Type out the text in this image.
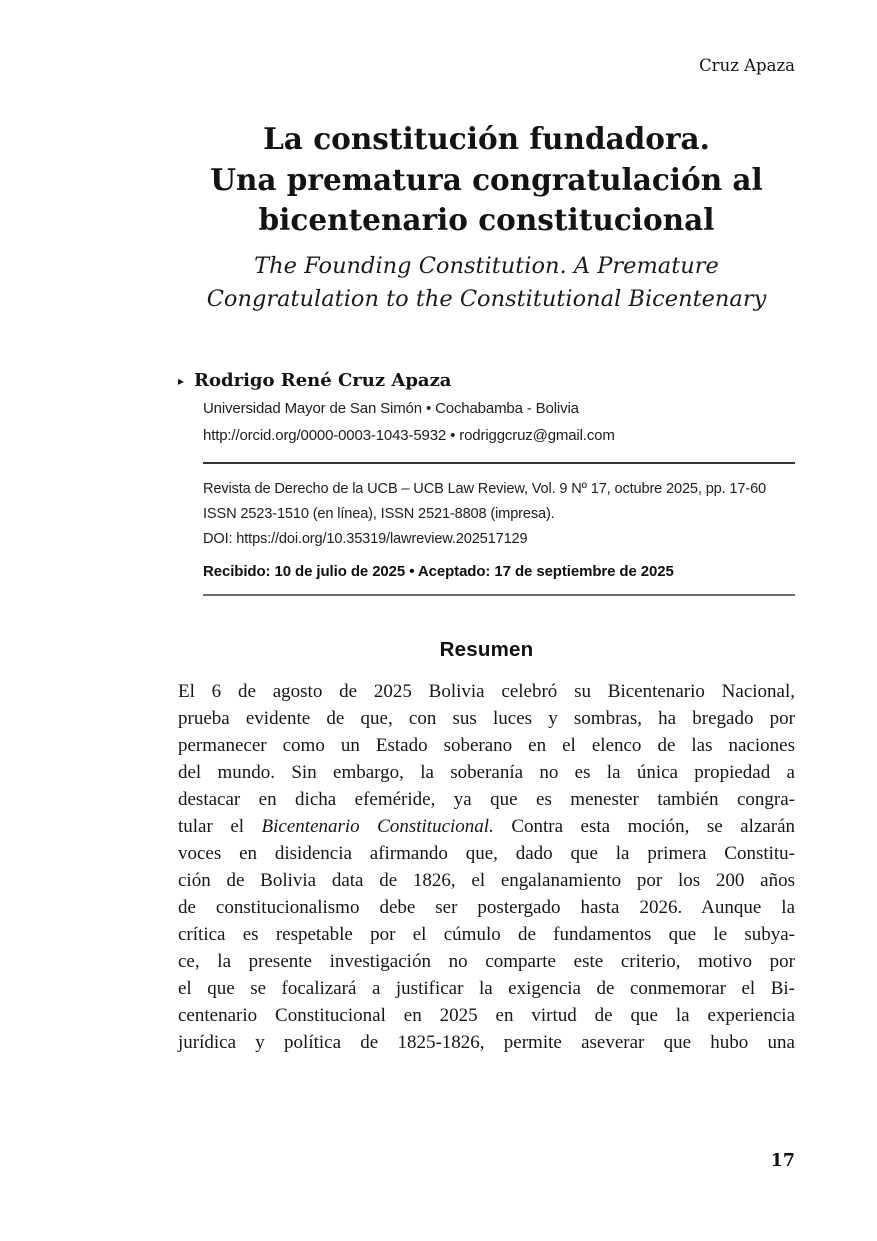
Cruz Apaza
La constitución fundadora.
Una prematura congratulación al
bicentenario constitucional
The Founding Constitution. A Premature
Congratulation to the Constitutional Bicentenary
▸ Rodrigo René Cruz Apaza
Universidad Mayor de San Simón • Cochabamba - Bolivia
http://orcid.org/0000-0003-1043-5932 • rodriggcruz@gmail.com
Revista de Derecho de la UCB – UCB Law Review, Vol. 9 Nº 17, octubre 2025, pp. 17-60
ISSN 2523-1510 (en línea), ISSN 2521-8808 (impresa).
DOI: https://doi.org/10.35319/lawreview.202517129
Recibido: 10 de julio de 2025 • Aceptado: 17 de septiembre de 2025
Resumen
El 6 de agosto de 2025 Bolivia celebró su Bicentenario Nacional,
prueba evidente de que, con sus luces y sombras, ha bregado por
permanecer como un Estado soberano en el elenco de las naciones
del mundo. Sin embargo, la soberanía no es la única propiedad a
destacar en dicha efeméride, ya que es menester también congra-
tular el Bicentenario Constitucional. Contra esta moción, se alzarán
voces en disidencia afirmando que, dado que la primera Constitu-
ción de Bolivia data de 1826, el engalanamiento por los 200 años
de constitucionalismo debe ser postergado hasta 2026. Aunque la
crítica es respetable por el cúmulo de fundamentos que le subya-
ce, la presente investigación no comparte este criterio, motivo por
el que se focalizará a justificar la exigencia de conmemorar el Bi-
centenario Constitucional en 2025 en virtud de que la experiencia
jurídica y política de 1825-1826, permite aseverar que hubo una
17
